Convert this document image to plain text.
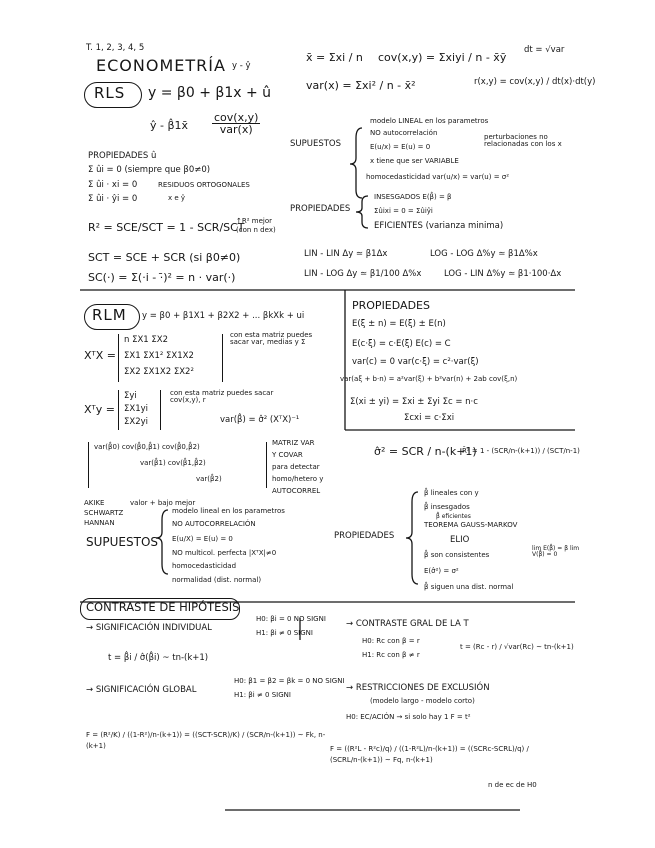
T. 1, 2, 3, 4, 5
ECONOMETRÍA y - ŷ
RLS y = β0 + β1x + û
ŷ - β̂1x̄ $\frac{\text{cov(x,y)}}{\text{var(x)}}$
PROPIEDADES û
Σ ûi = 0 (siempre que β0≠0)
Σ ûi · xi = 0	RESIDUOS ORTOGONALES
Σ ûi · ŷi = 0	x e ŷ
R² = SCE/SCT = 1 - SCR/SCT
↑R² mejor
(con n dex)
SCT = SCE + SCR (si β0≠0)
SC(·) = Σ(·i - ·̄)² = n · var(·)
x̄ = Σxi / n cov(x,y) = Σxiyi / n - x̄ȳ
dt = √var
var(x) = Σxi² / n - x̄²	r(x,y) = cov(x,y) / dt(x)·dt(y)
SUPUESTOS
modelo LINEAL en los parametros
NO autocorrelación
E(u/x) = E(u) = 0
x tiene que ser VARIABLE
homocedasticidad var(u/x) = var(u) = σ²
perturbaciones no relacionadas con los x
PROPIEDADES
INSESGADOS E(β̂) = β
Σûixi = 0 = Σûiŷi
EFICIENTES (varianza minima)
LIN - LIN Δy ≃ β1Δx	LOG - LOG Δ%y ≃ β1Δ%x
LIN - LOG Δy ≃ β1/100 Δ%x	LOG - LIN Δ%y ≃ β1·100·Δx
RLM y = β0 + β1X1 + β2X2 + ... βkXk + ui
XᵀX =
n ΣX1 ΣX2
ΣX1 ΣX1² ΣX1X2
ΣX2 ΣX1X2 ΣX2²
con esta matriz puedes sacar var, medias y Σ
Xᵀy =
Σyi
ΣX1yi
ΣX2yi
con esta matriz puedes sacar cov(x,y), r
var(β̂) = σ̂² (XᵀX)⁻¹
var(β̂0) cov(β̂0,β̂1) cov(β̂0,β̂2)
var(β̂1) cov(β̂1,β̂2)
var(β̂2)
MATRIZ VAR
Y COVAR
para detectar
homo/hetero y
AUTOCORREL
AKIKE
SCHWARTZ
HANNAN
valor + bajo mejor
SUPUESTOS
modelo lineal en los parametros
NO AUTOCORRELACIÓN
E(u/X) = E(u) = 0
NO multicol. perfecta |XᵀX|≠0
homocedasticidad
normalidad (dist. normal)
PROPIEDADES
β̂ lineales con y
β̂ insesgados
β̂ eficientes
TEOREMA GAUSS-MARKOV
ELIO
β̂ son consistentes
E(σ̂²) = σ²
β̂ siguen una dist. normal
lim E(β̂) = β lim V(β̂) = 0
PROPIEDADES
E(ξ ± n) = E(ξ) ± E(n)
E(c·ξ) = c·E(ξ) E(c) = C
var(c) = 0 var(c·ξ) = c²·var(ξ)
var(aξ + b·n) = a²var(ξ) + b²var(n) + 2ab cov(ξ,n)
Σ(xi ± yi) = Σxi ± Σyi Σc = n·c
Σcxi = c·Σxi
σ̂² = SCR / n-(k+1)
R̄² = 1 - (SCR/n-(k+1)) / (SCT/n-1)
CONTRASTE DE HIPÓTESIS
→ SIGNIFICACIÓN INDIVIDUAL
H0: βi = 0 NO SIGNI
H1: βi ≠ 0 SIGNI
t = β̂i / σ̂(β̂i) ~ tn-(k+1)
→ CONTRASTE GRAL DE LA T
H0: Rc con β = r
H1: Rc con β ≠ r
t = (Rc - r) / √var(Rc) ~ tn-(k+1)
→ SIGNIFICACIÓN GLOBAL
H0: β1 = β2 = βk = 0 NO SIGNI
H1: βi ≠ 0 SIGNI
F = (R²/K) / ((1-R²)/n-(k+1)) = ((SCT-SCR)/K) / (SCR/n-(k+1)) ~ Fk, n-(k+1)
→ RESTRICCIONES DE EXCLUSIÓN
(modelo largo - modelo corto)
H0: EC/ACIÓN → si solo hay 1 F = t²
F = ((R²L - R²c)/q) / ((1-R²L)/n-(k+1)) = ((SCRc-SCRL)/q) / (SCRL/n-(k+1)) ~ Fq, n-(k+1)
n de ec de H0
